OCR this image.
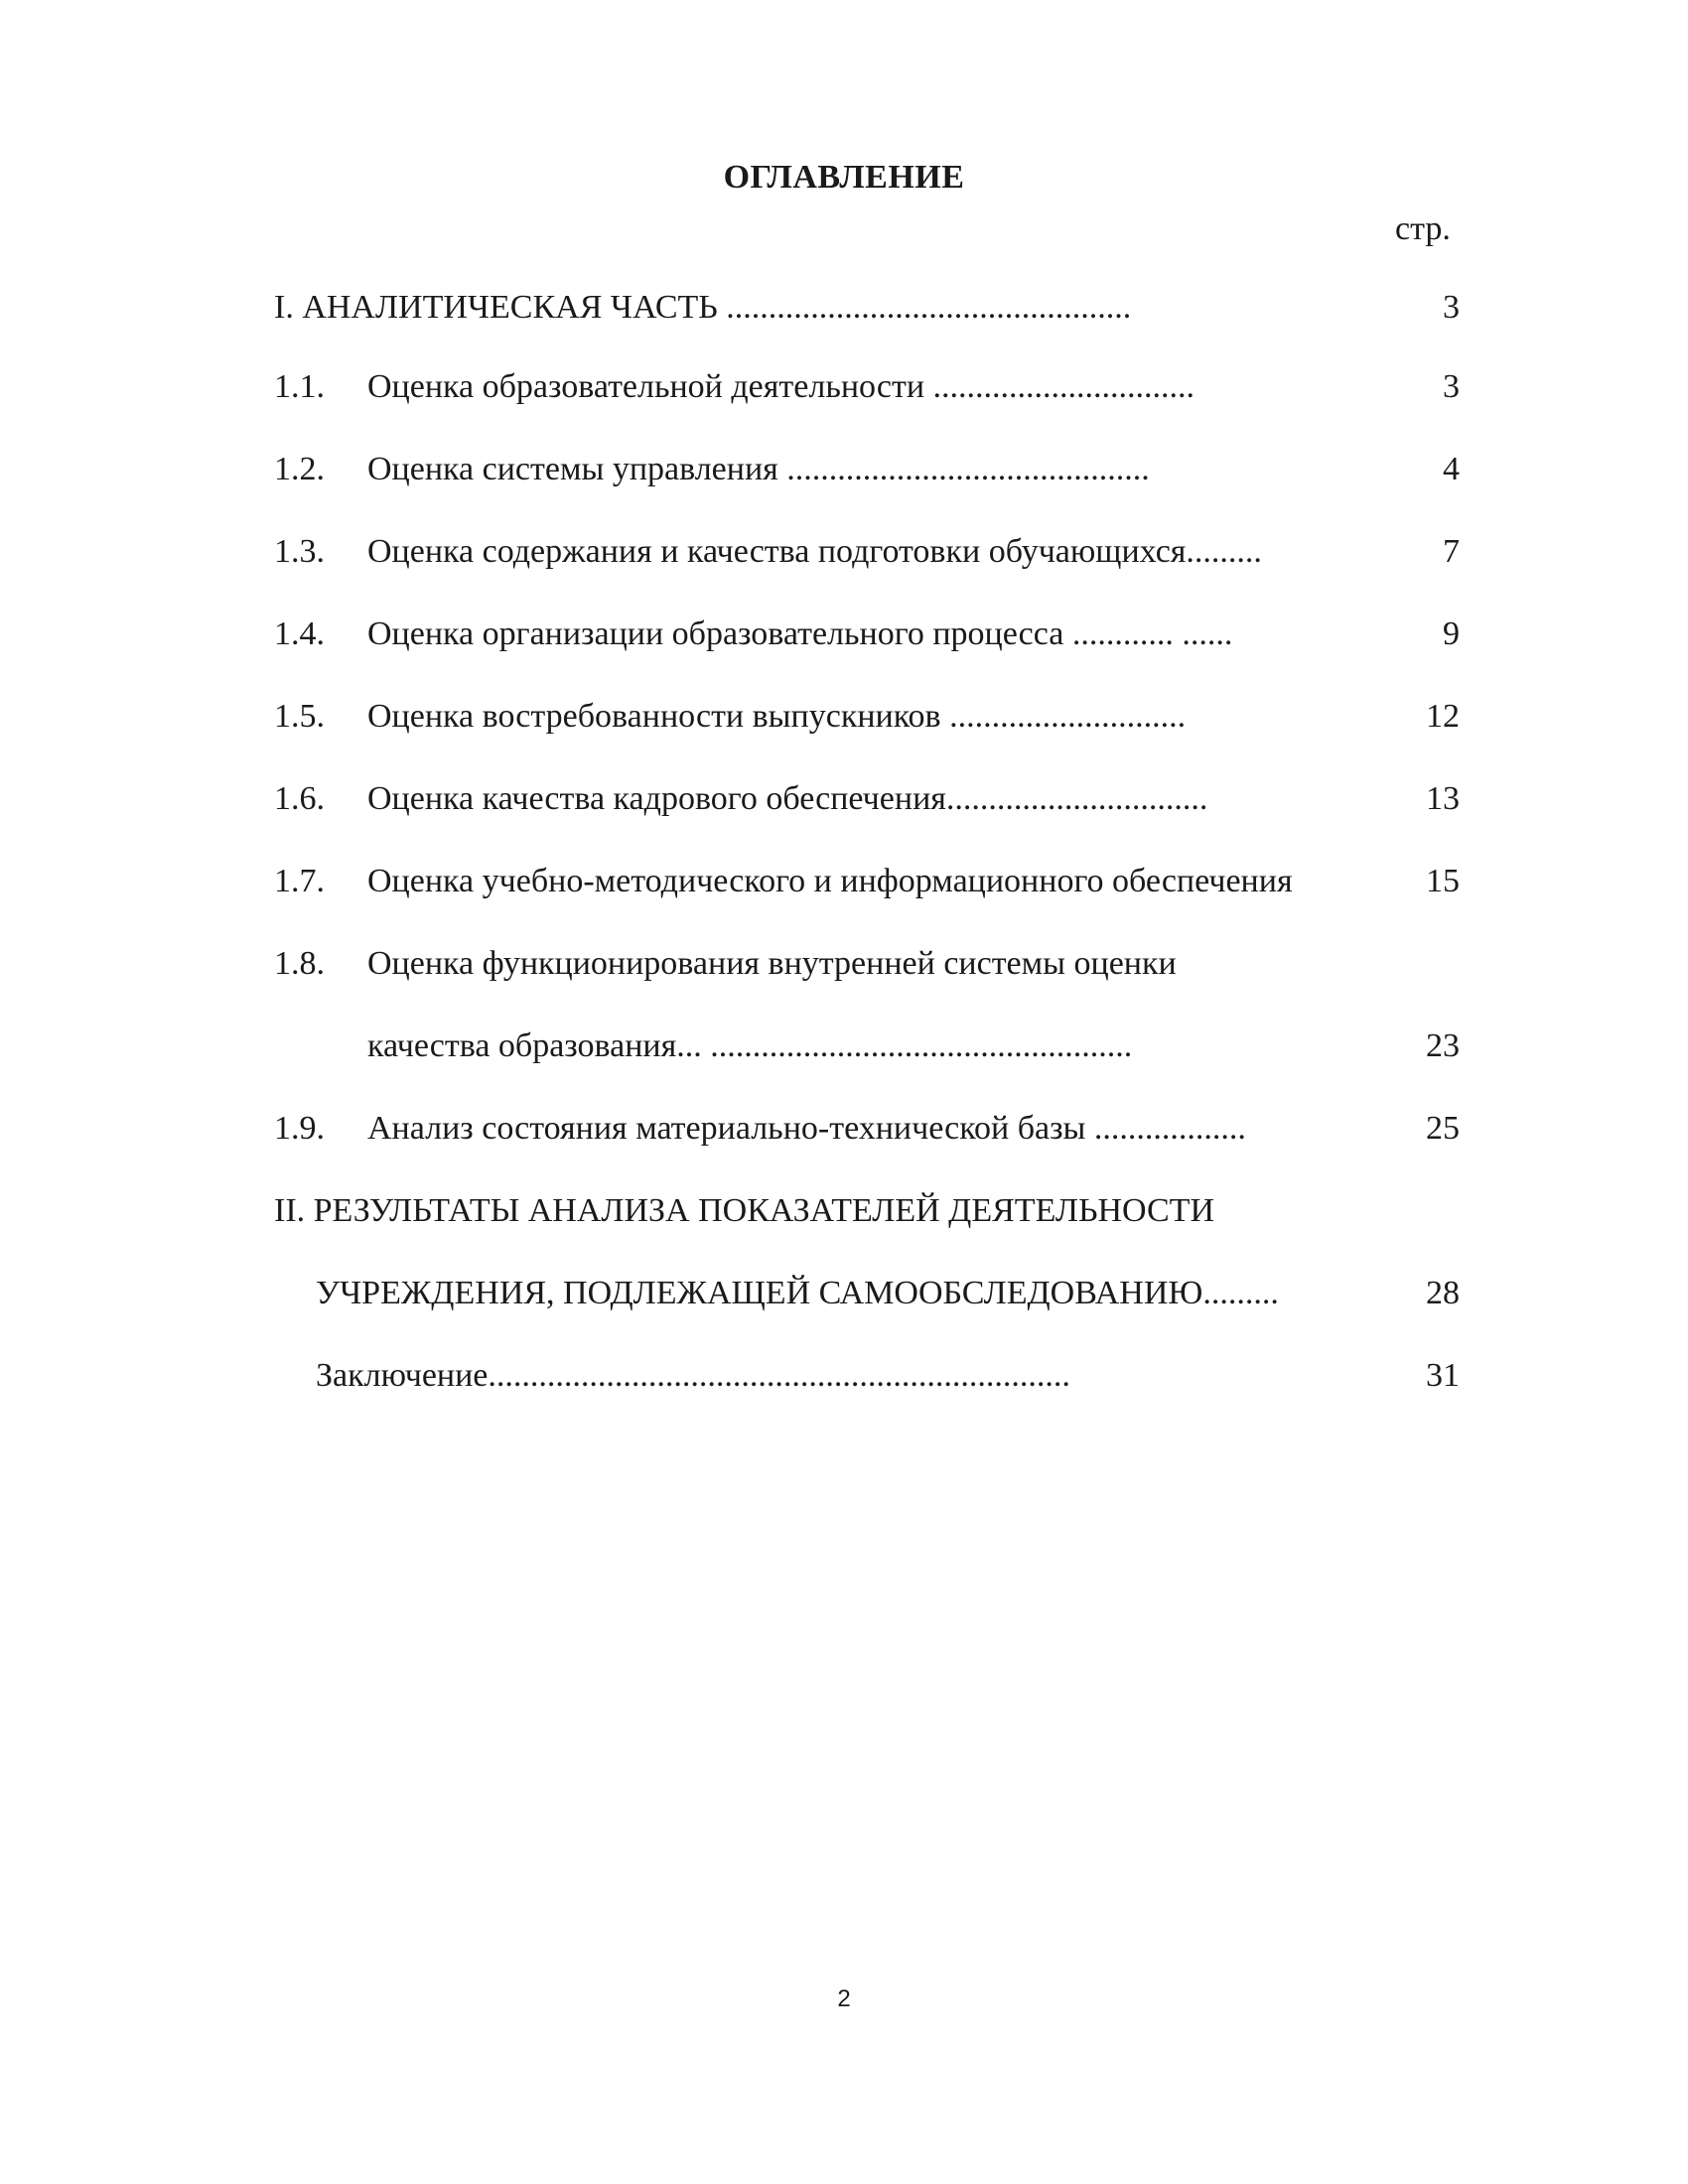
ОГЛАВЛЕНИЕ
стр.
I. АНАЛИТИЧЕСКАЯ ЧАСТЬ ................................................	3
1.1. Оценка образовательной деятельности ...............................	3
1.2. Оценка системы управления ...........................................	4
1.3. Оценка содержания и качества подготовки обучающихся.........	7
1.4. Оценка организации образовательного процесса ............ ......	9
1.5. Оценка востребованности выпускников ............................	12
1.6. Оценка качества кадрового обеспечения...............................	13
1.7. Оценка учебно-методического и информационного обеспечения	15
1.8. Оценка функционирования внутренней системы оценки
качества образования... ..................................................	23
1.9. Анализ состояния материально-технической базы ..................	25
II. РЕЗУЛЬТАТЫ АНАЛИЗА ПОКАЗАТЕЛЕЙ ДЕЯТЕЛЬНОСТИ
УЧРЕЖДЕНИЯ, ПОДЛЕЖАЩЕЙ САМООБСЛЕДОВАНИЮ.........	28
Заключение.....................................................................	31
2
